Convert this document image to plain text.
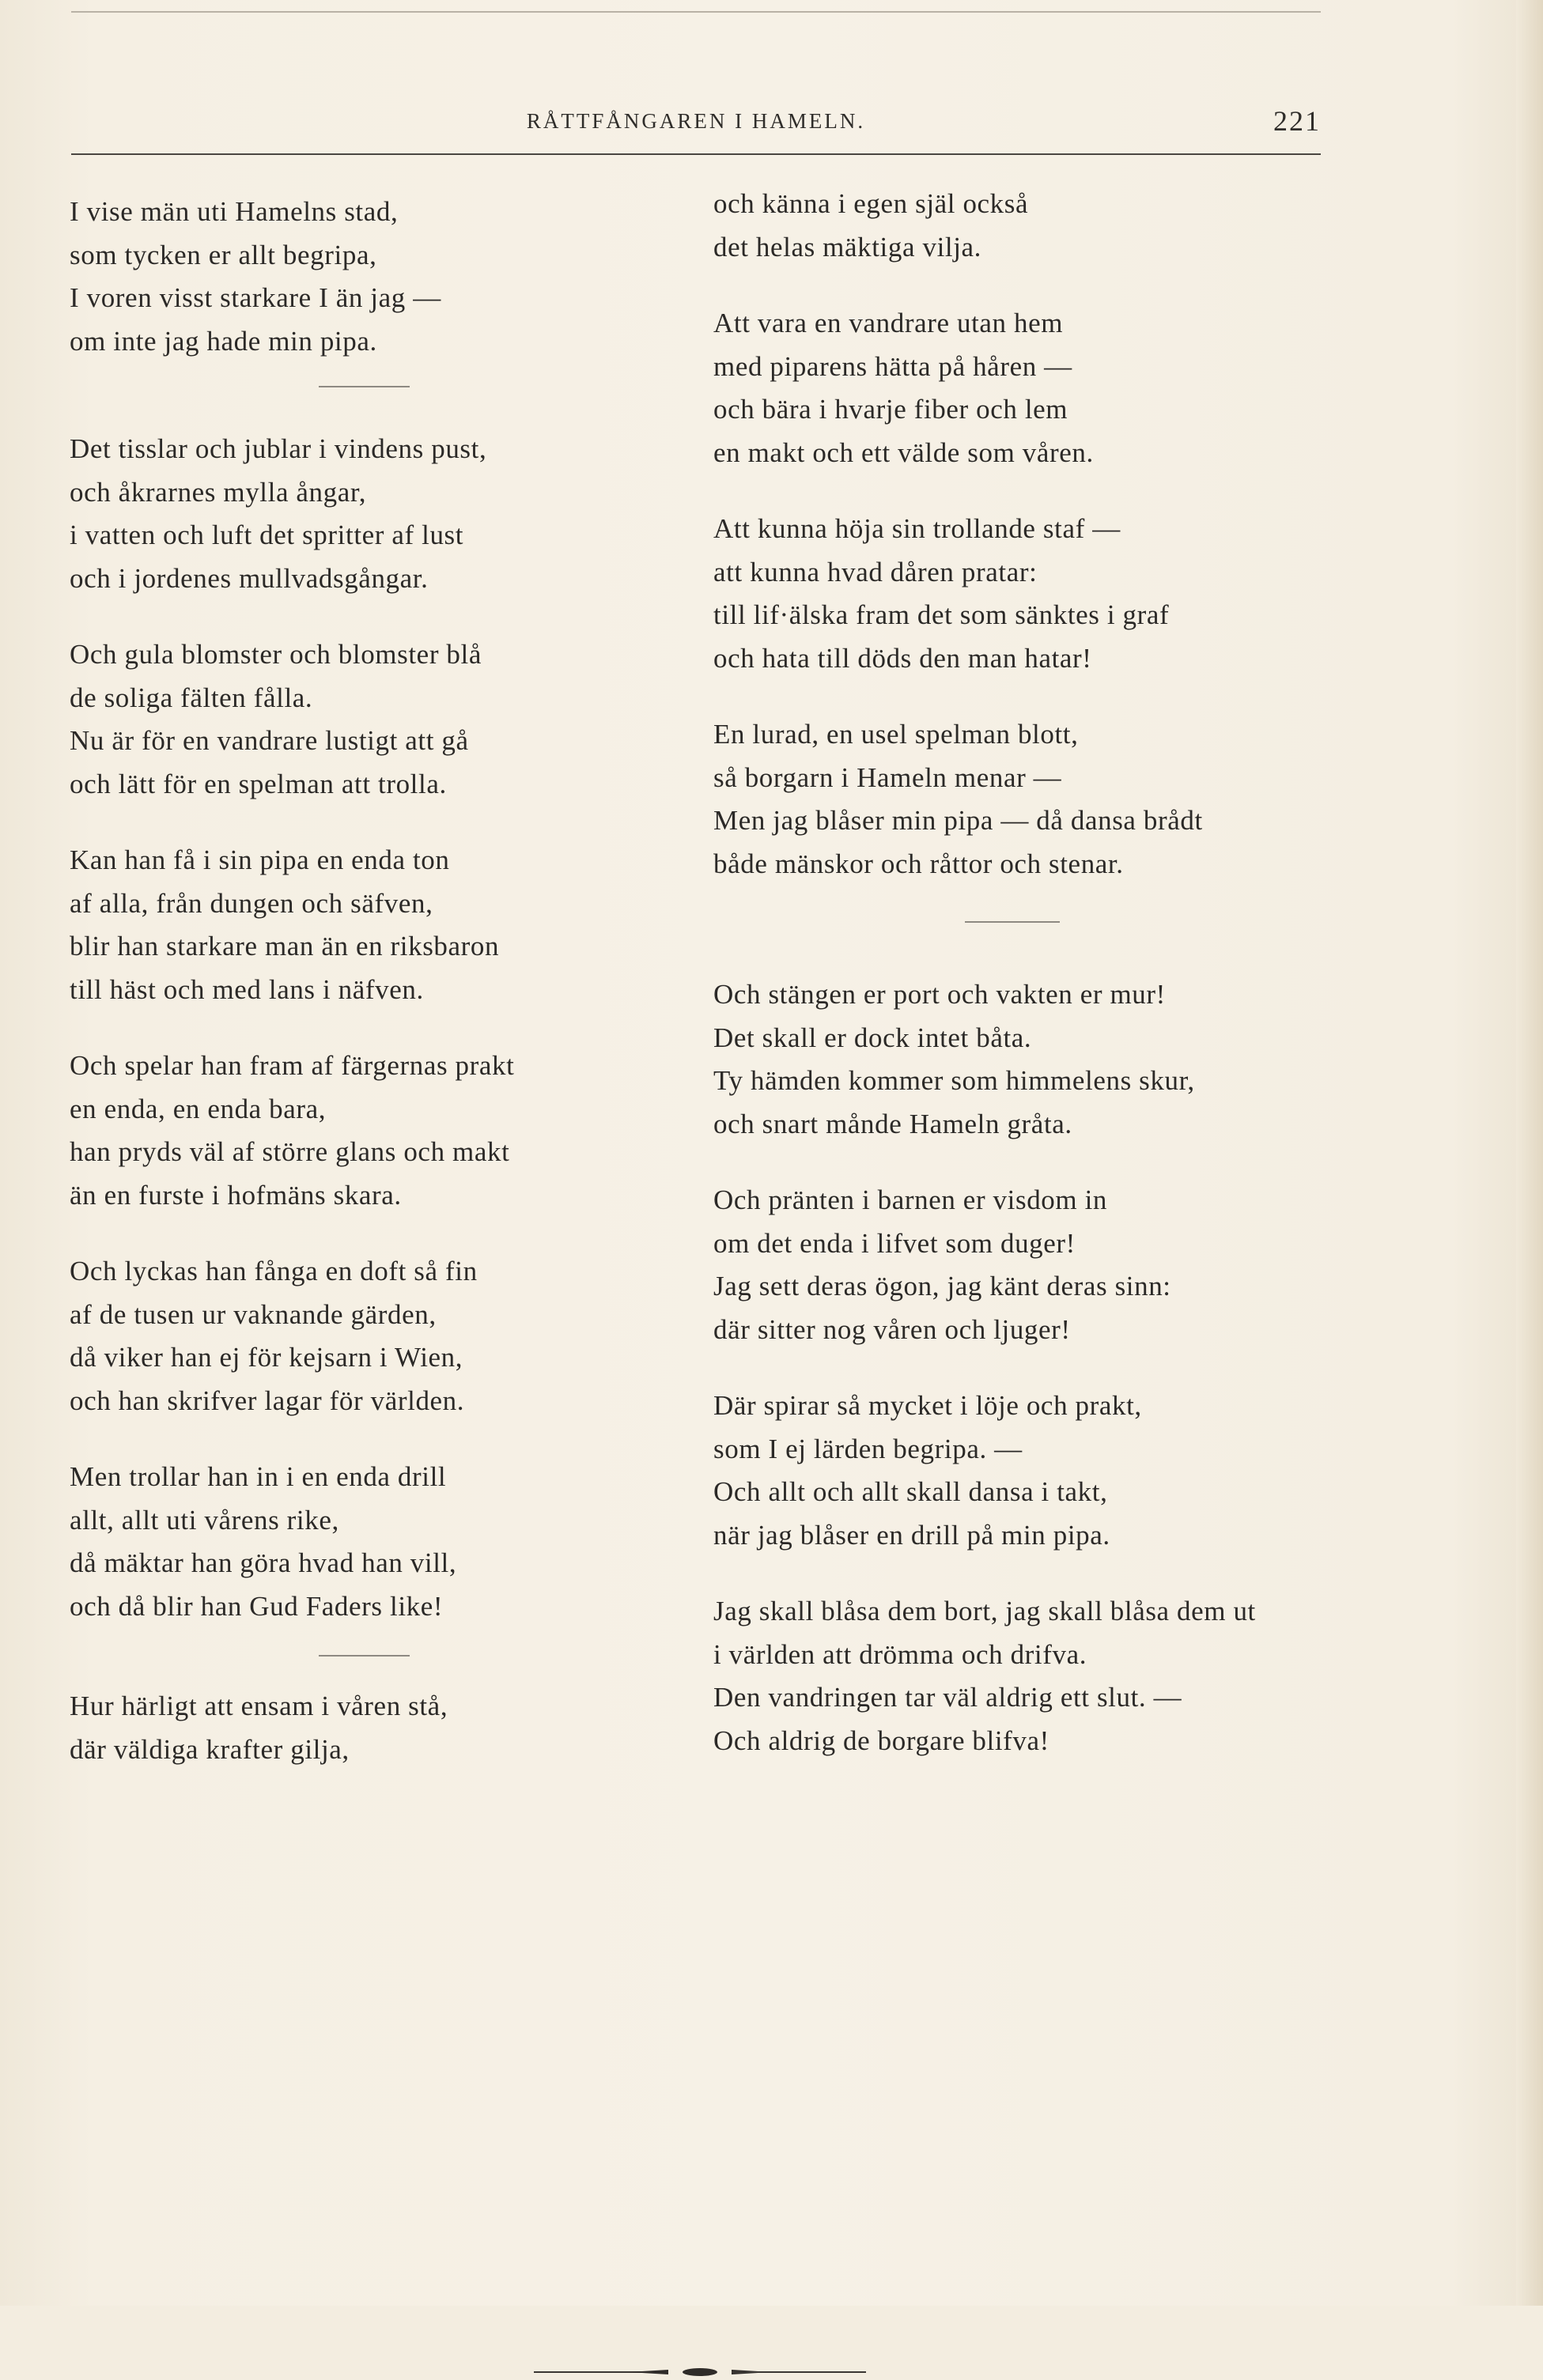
RÅTTFÅNGAREN I HAMELN.	221
I vise män uti Hamelns stad,
som tycken er allt begripa,
I voren visst starkare I än jag —
om inte jag hade min pipa.
Det tisslar och jublar i vindens pust,
och åkrarnes mylla ångar,
i vatten och luft det spritter af lust
och i jordenes mullvadsgångar.
Och gula blomster och blomster blå
de soliga fälten fålla.
Nu är för en vandrare lustigt att gå
och lätt för en spelman att trolla.
Kan han få i sin pipa en enda ton
af alla, från dungen och säfven,
blir han starkare man än en riksbaron
till häst och med lans i näfven.
Och spelar han fram af färgernas prakt
en enda, en enda bara,
han pryds väl af större glans och makt
än en furste i hofmäns skara.
Och lyckas han fånga en doft så fin
af de tusen ur vaknande gärden,
då viker han ej för kejsarn i Wien,
och han skrifver lagar för världen.
Men trollar han in i en enda drill
allt, allt uti vårens rike,
då mäktar han göra hvad han vill,
och då blir han Gud Faders like!
Hur härligt att ensam i våren stå,
där väldiga krafter gilja,
och känna i egen själ också
det helas mäktiga vilja.
Att vara en vandrare utan hem
med piparens hätta på håren —
och bära i hvarje fiber och lem
en makt och ett välde som våren.
Att kunna höja sin trollande staf —
att kunna hvad dåren pratar:
till lif·älska fram det som sänktes i graf
och hata till döds den man hatar!
En lurad, en usel spelman blott,
så borgarn i Hameln menar —
Men jag blåser min pipa — då dansa brådt
både mänskor och råttor och stenar.
Och stängen er port och vakten er mur!
Det skall er dock intet båta.
Ty hämden kommer som himmelens skur,
och snart månde Hameln gråta.
Och pränten i barnen er visdom in
om det enda i lifvet som duger!
Jag sett deras ögon, jag känt deras sinn:
där sitter nog våren och ljuger!
Där spirar så mycket i löje och prakt,
som I ej lärden begripa. —
Och allt och allt skall dansa i takt,
när jag blåser en drill på min pipa.
Jag skall blåsa dem bort, jag skall blåsa dem ut
i världen att drömma och drifva.
Den vandringen tar väl aldrig ett slut. —
Och aldrig de borgare blifva!
